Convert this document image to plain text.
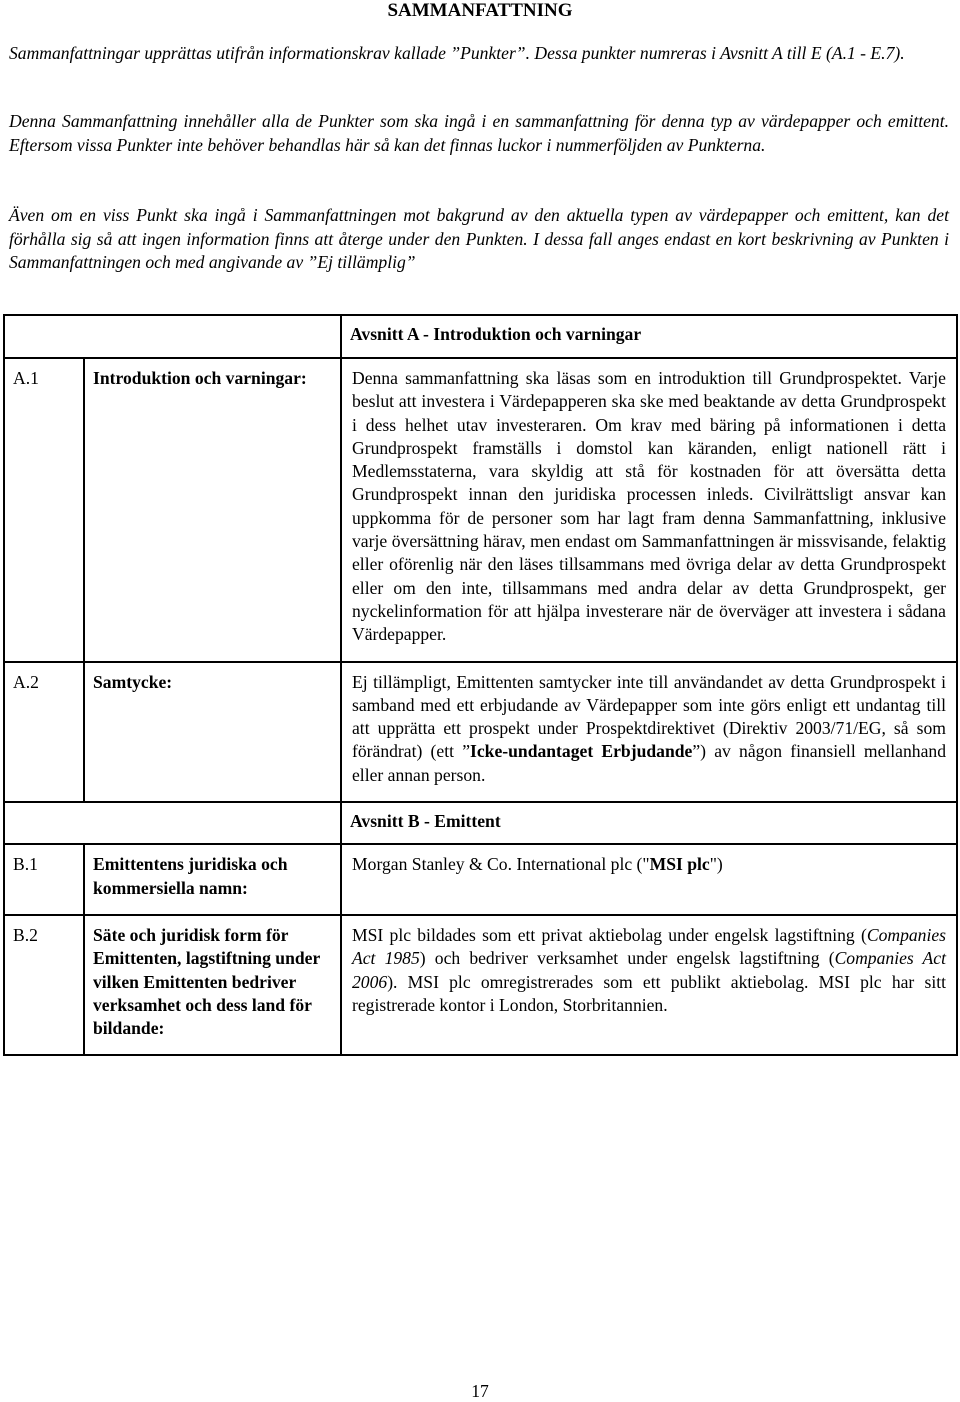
SAMMANFATTNING

Sammanfattningar upprättas utifrån informationskrav kallade ”Punkter”. Dessa punkter numreras i Avsnitt A till E (A.1 - E.7).

Denna Sammanfattning innehåller alla de Punkter som ska ingå i en sammanfattning för denna typ av värdepapper och emittent. Eftersom vissa Punkter inte behöver behandlas här så kan det finnas luckor i nummerföljden av Punkterna.

Även om en viss Punkt ska ingå i Sammanfattningen mot bakgrund av den aktuella typen av värdepapper och emittent, kan det förhålla sig så att ingen information finns att återge under den Punkten. I dessa fall anges endast en kort beskrivning av Punkten i Sammanfattningen och med angivande av ”Ej tillämplig”

		Avsnitt A - Introduktion och varningar
A.1	Introduktion och varningar:	Denna sammanfattning ska läsas som en introduktion till Grundprospektet. Varje beslut att investera i Värdepapperen ska ske med beaktande av detta Grundprospekt i dess helhet utav investeraren. Om krav med bäring på informationen i detta Grundprospekt framställs i domstol kan käranden, enligt nationell rätt i Medlemsstaterna, vara skyldig att stå för kostnaden för att översätta detta Grundprospekt innan den juridiska processen inleds. Civilrättsligt ansvar kan uppkomma för de personer som har lagt fram denna Sammanfattning, inklusive varje översättning härav, men endast om Sammanfattningen är missvisande, felaktig eller oförenlig när den läses tillsammans med övriga delar av detta Grundprospekt eller om den inte, tillsammans med andra delar av detta Grundprospekt, ger nyckelinformation för att hjälpa investerare när de överväger att investera i sådana Värdepapper.
A.2	Samtycke:	Ej tillämpligt, Emittenten samtycker inte till användandet av detta Grundprospekt i samband med ett erbjudande av Värdepapper som inte görs enligt ett undantag till att upprätta ett prospekt under Prospektdirektivet (Direktiv 2003/71/EG, så som förändrat) (ett ”Icke-undantaget Erbjudande”) av någon finansiell mellanhand eller annan person.
		Avsnitt B - Emittent
B.1	Emittentens juridiska och kommersiella namn:	Morgan Stanley & Co. International plc ("MSI plc")
B.2	Säte och juridisk form för Emittenten, lagstiftning under vilken Emittenten bedriver verksamhet och dess land för bildande:	MSI plc bildades som ett privat aktiebolag under engelsk lagstiftning (Companies Act 1985) och bedriver verksamhet under engelsk lagstiftning (Companies Act 2006). MSI plc omregistrerades som ett publikt aktiebolag. MSI plc har sitt registrerade kontor i London, Storbritannien.
17
